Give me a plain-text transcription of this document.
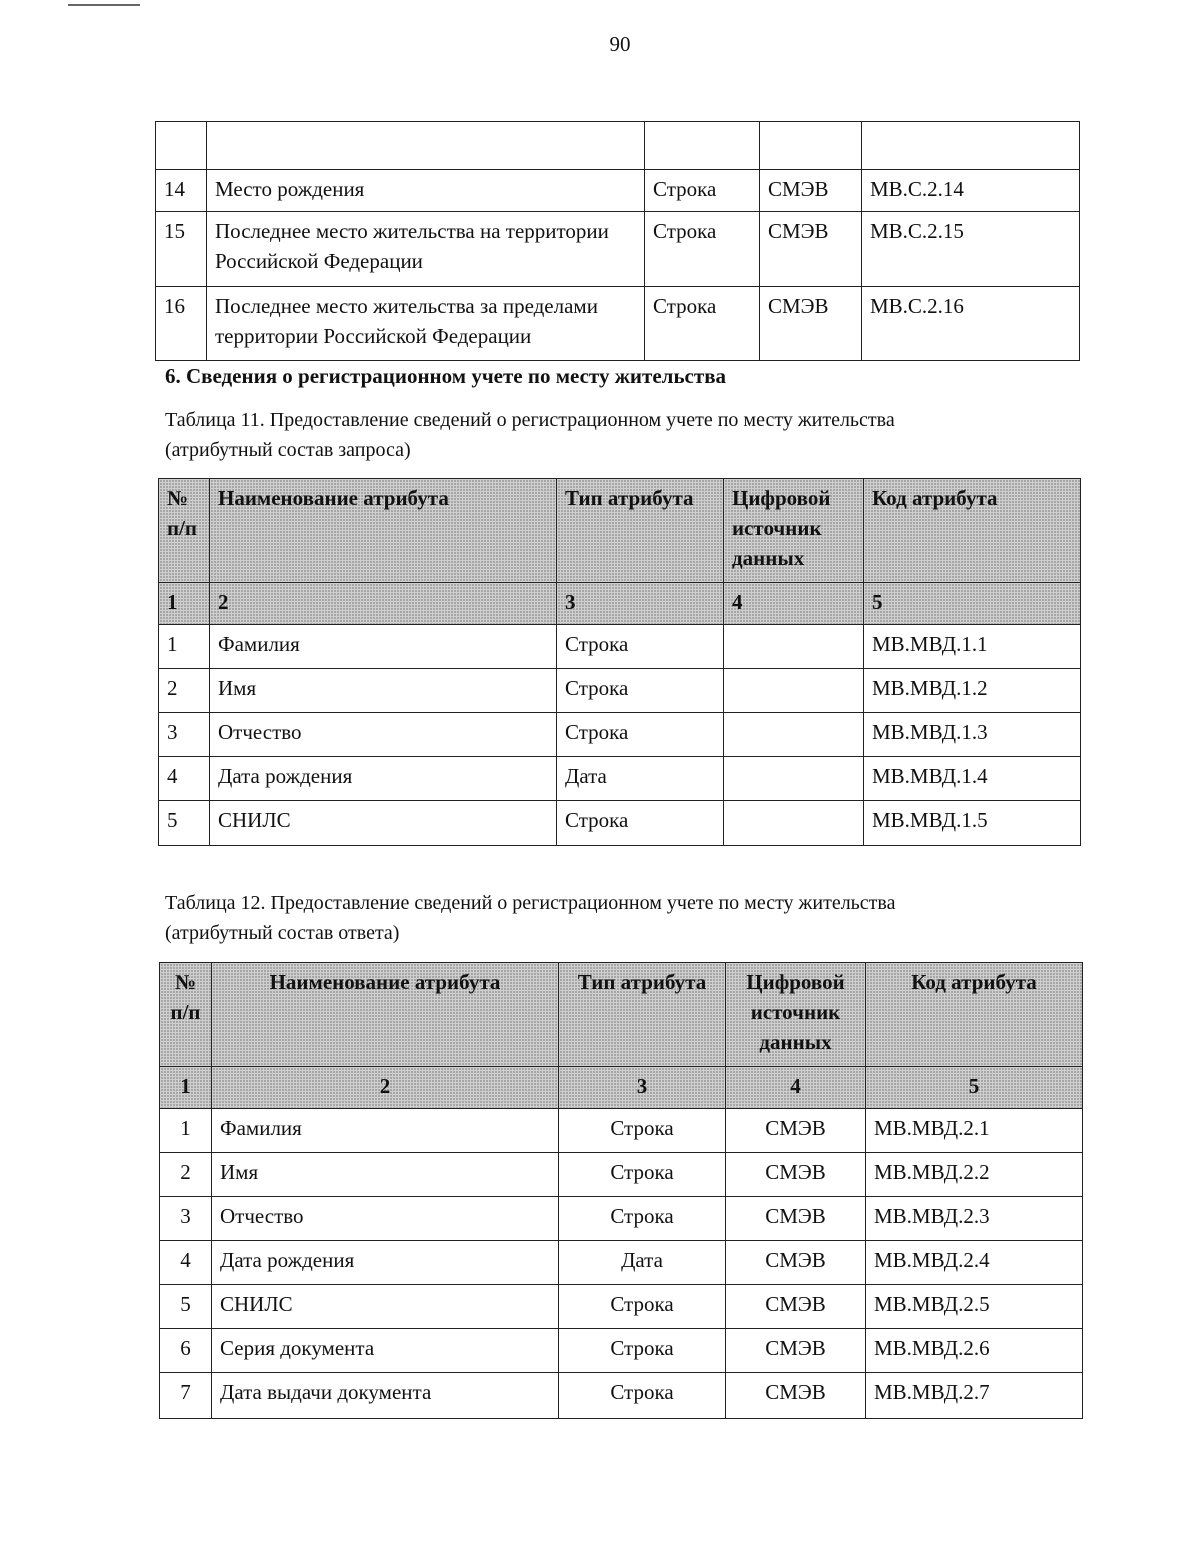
90

14	Место рождения	Строка	СМЭВ	МВ.С.2.14
15	Последнее место жительства на территории Российской Федерации	Строка	СМЭВ	МВ.С.2.15
16	Последнее место жительства за пределами территории Российской Федерации	Строка	СМЭВ	МВ.С.2.16
6. Сведения о регистрационном учете по месту жительства
Таблица 11. Предоставление сведений о регистрационном учете по месту жительства (атрибутный состав запроса)
№ п/п	Наименование атрибута	Тип атрибута	Цифровой источник данных	Код атрибута
1	2	3	4	5
1	Фамилия	Строка		МВ.МВД.1.1
2	Имя	Строка		МВ.МВД.1.2
3	Отчество	Строка		МВ.МВД.1.3
4	Дата рождения	Дата		МВ.МВД.1.4
5	СНИЛС	Строка		МВ.МВД.1.5
Таблица 12. Предоставление сведений о регистрационном учете по месту жительства (атрибутный состав ответа)
№ п/п	Наименование атрибута	Тип атрибута	Цифровой источник данных	Код атрибута
1	2	3	4	5
1	Фамилия	Строка	СМЭВ	МВ.МВД.2.1
2	Имя	Строка	СМЭВ	МВ.МВД.2.2
3	Отчество	Строка	СМЭВ	МВ.МВД.2.3
4	Дата рождения	Дата	СМЭВ	МВ.МВД.2.4
5	СНИЛС	Строка	СМЭВ	МВ.МВД.2.5
6	Серия документа	Строка	СМЭВ	МВ.МВД.2.6
7	Дата выдачи документа	Строка	СМЭВ	МВ.МВД.2.7
